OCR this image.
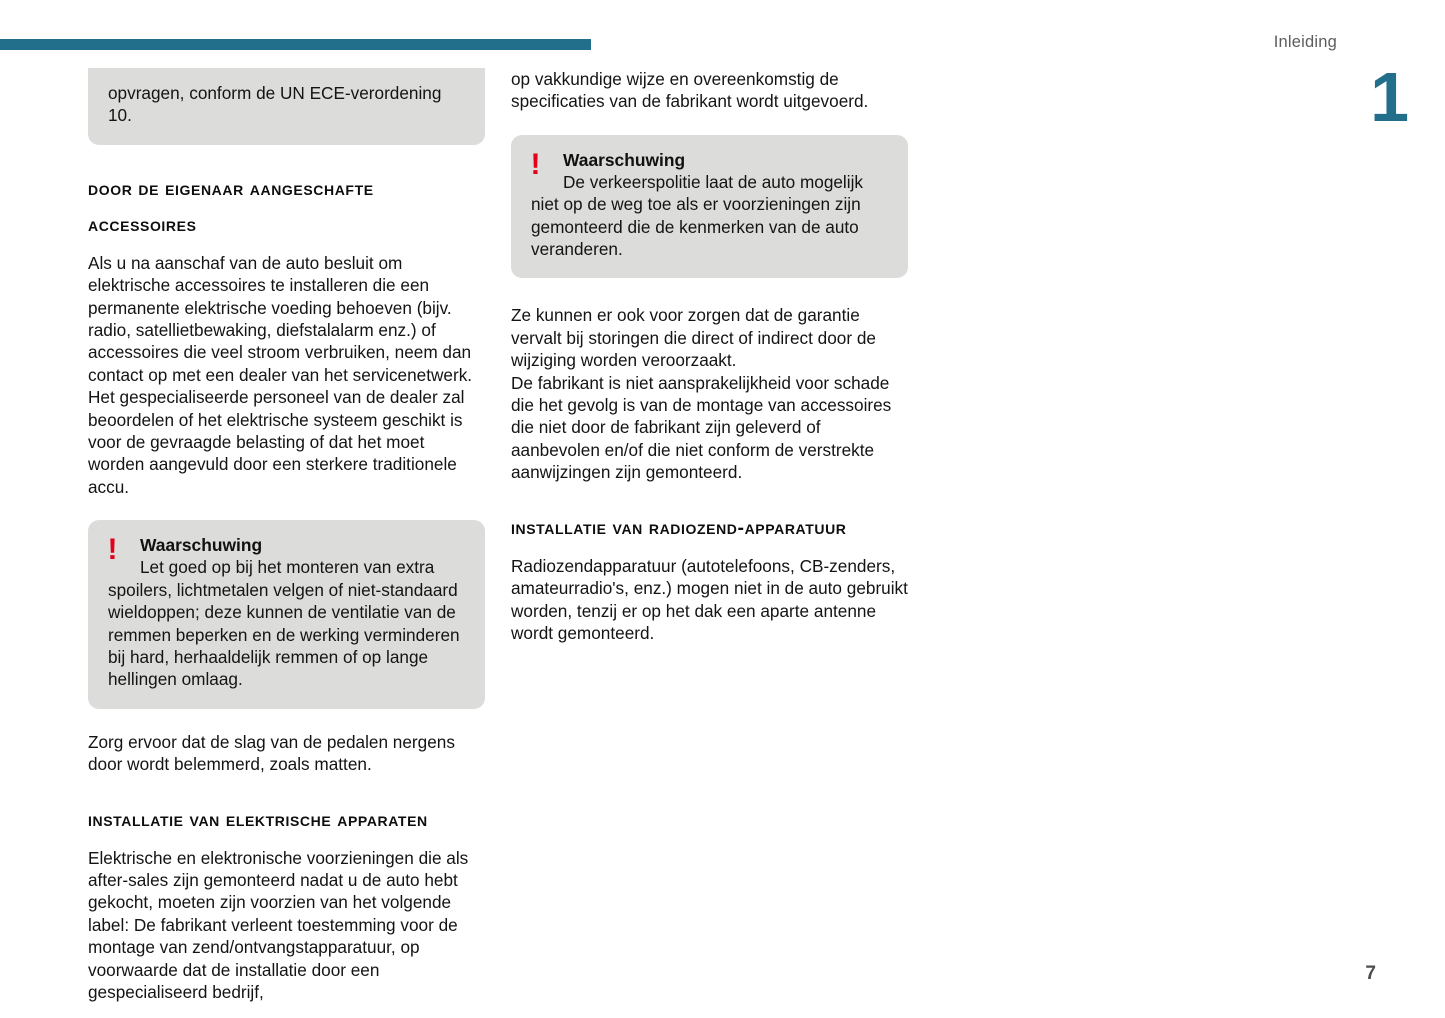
Inleiding
1

opvragen, conform de UN ECE-verordening 10.

door de eigenaar aangeschafte accessoires

Als u na aanschaf van de auto besluit om elektrische accessoires te installeren die een permanente elektrische voeding behoeven (bijv. radio, satellietbewaking, diefstalalarm enz.) of accessoires die veel stroom verbruiken, neem dan contact op met een dealer van het servicenetwerk. Het gespecialiseerde personeel van de dealer zal beoordelen of het elektrische systeem geschikt is voor de gevraagde belasting of dat het moet worden aangevuld door een sterkere traditionele accu.

! Waarschuwing

Let goed op bij het monteren van extra spoilers, lichtmetalen velgen of niet-standaard wieldoppen; deze kunnen de ventilatie van de remmen beperken en de werking verminderen bij hard, herhaaldelijk remmen of op lange hellingen omlaag.

Zorg ervoor dat de slag van de pedalen nergens door wordt belemmerd, zoals matten.

installatie van elektrische apparaten

Elektrische en elektronische voorzieningen die als after-sales zijn gemonteerd nadat u de auto hebt gekocht, moeten zijn voorzien van het volgende label: De fabrikant verleent toestemming voor de montage van zend/ontvangstapparatuur, op voorwaarde dat de installatie door een gespecialiseerd bedrijf,

op vakkundige wijze en overeenkomstig de specificaties van de fabrikant wordt uitgevoerd.

! Waarschuwing

De verkeerspolitie laat de auto mogelijk niet op de weg toe als er voorzieningen zijn gemonteerd die de kenmerken van de auto veranderen.

Ze kunnen er ook voor zorgen dat de garantie vervalt bij storingen die direct of indirect door de wijziging worden veroorzaakt.

De fabrikant is niet aansprakelijkheid voor schade die het gevolg is van de montage van accessoires die niet door de fabrikant zijn geleverd of aanbevolen en/of die niet conform de verstrekte aanwijzingen zijn gemonteerd.

installatie van radiozend-apparatuur

Radiozendapparatuur (autotelefoons, CB-zenders, amateurradio's, enz.) mogen niet in de auto gebruikt worden, tenzij er op het dak een aparte antenne wordt gemonteerd.

7
